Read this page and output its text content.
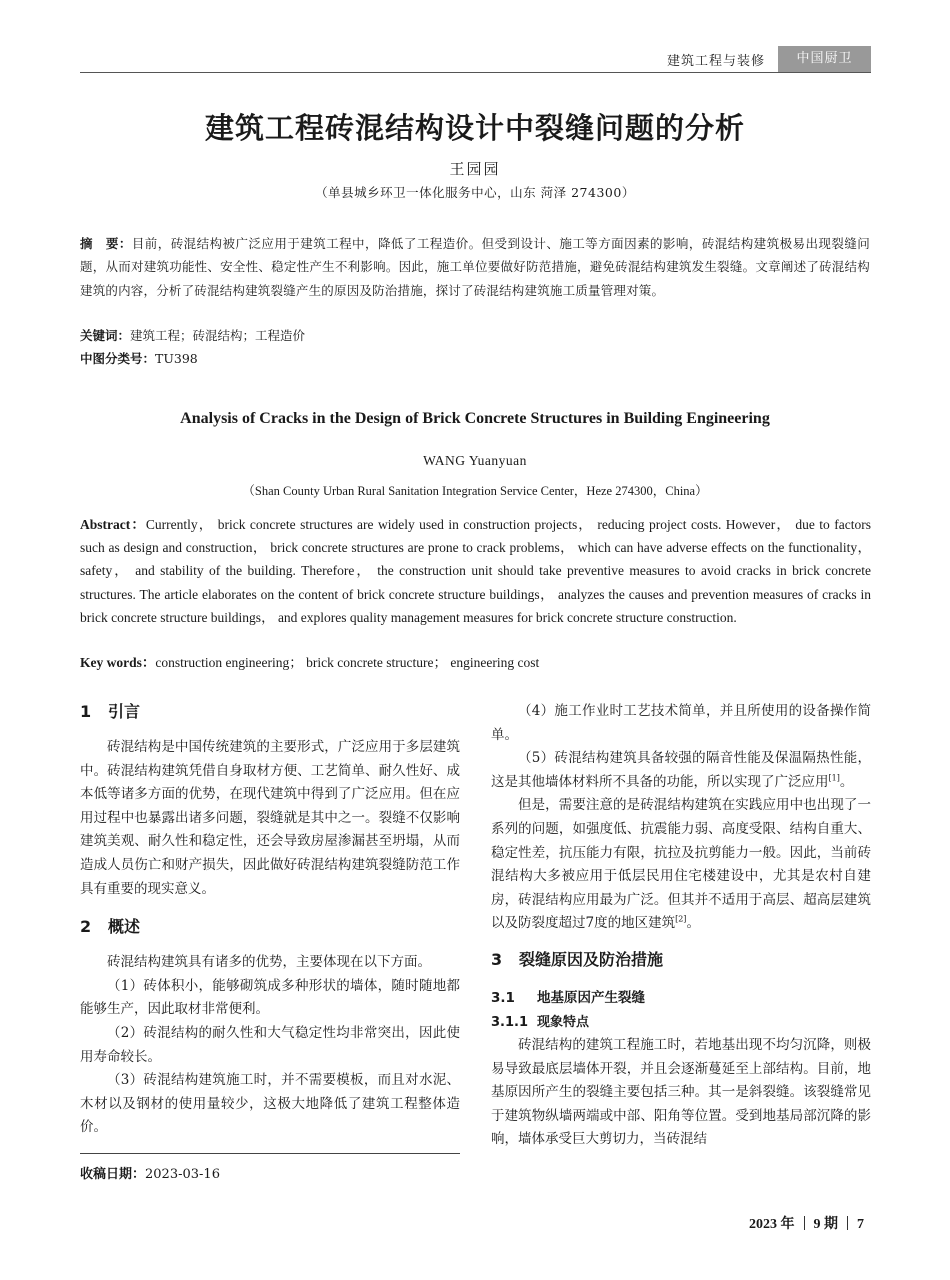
建筑工程与装修	中国厨卫
建筑工程砖混结构设计中裂缝问题的分析
王园园
（单县城乡环卫一体化服务中心，山东 菏泽 274300）
摘　要：目前，砖混结构被广泛应用于建筑工程中，降低了工程造价。但受到设计、施工等方面因素的影响，砖混结构建筑极易出现裂缝问题，从而对建筑功能性、安全性、稳定性产生不利影响。因此，施工单位要做好防范措施，避免砖混结构建筑发生裂缝。文章阐述了砖混结构建筑的内容，分析了砖混结构建筑裂缝产生的原因及防治措施，探讨了砖混结构建筑施工质量管理对策。
关键词：建筑工程；砖混结构；工程造价
中图分类号：TU398
Analysis of Cracks in the Design of Brick Concrete Structures in Building Engineering
WANG Yuanyuan
（Shan County Urban Rural Sanitation Integration Service Center，Heze 274300，China）
Abstract：Currently， brick concrete structures are widely used in construction projects， reducing project costs. However， due to factors such as design and construction， brick concrete structures are prone to crack problems， which can have adverse effects on the functionality， safety， and stability of the building. Therefore， the construction unit should take preventive measures to avoid cracks in brick concrete structures. The article elaborates on the content of brick concrete structure buildings， analyzes the causes and prevention measures of cracks in brick concrete structure buildings， and explores quality management measures for brick concrete structure construction.
Key words：construction engineering； brick concrete structure； engineering cost
1 引言

砖混结构是中国传统建筑的主要形式，广泛应用于多层建筑中。砖混结构建筑凭借自身取材方便、工艺简单、耐久性好、成本低等诸多方面的优势，在现代建筑中得到了广泛应用。但在应用过程中也暴露出诸多问题，裂缝就是其中之一。裂缝不仅影响建筑美观、耐久性和稳定性，还会导致房屋渗漏甚至坍塌，从而造成人员伤亡和财产损失，因此做好砖混结构建筑裂缝防范工作具有重要的现实意义。

2 概述

砖混结构建筑具有诸多的优势，主要体现在以下方面。

（1）砖体积小，能够砌筑成多种形状的墙体，随时随地都能够生产，因此取材非常便利。

（2）砖混结构的耐久性和大气稳定性均非常突出，因此使用寿命较长。

（3）砖混结构建筑施工时，并不需要模板，而且对水泥、木材以及钢材的使用量较少，这极大地降低了建筑工程整体造价。

收稿日期：2023-03-16

（4）施工作业时工艺技术简单，并且所使用的设备操作简单。

（5）砖混结构建筑具备较强的隔音性能及保温隔热性能，这是其他墙体材料所不具备的功能，所以实现了广泛应用[1]。

但是，需要注意的是砖混结构建筑在实践应用中也出现了一系列的问题，如强度低、抗震能力弱、高度受限、结构自重大、稳定性差，抗压能力有限，抗拉及抗剪能力一般。因此，当前砖混结构大多被应用于低层民用住宅楼建设中，尤其是农村自建房，砖混结构应用最为广泛。但其并不适用于高层、超高层建筑以及防裂度超过7度的地区建筑[2]。

3 裂缝原因及防治措施
3.1 地基原因产生裂缝
3.1.1 现象特点

砖混结构的建筑工程施工时，若地基出现不均匀沉降，则极易导致最底层墙体开裂，并且会逐渐蔓延至上部结构。目前，地基原因所产生的裂缝主要包括三种。其一是斜裂缝。该裂缝常见于建筑物纵墙两端或中部、阳角等位置。受到地基局部沉降的影响，墙体承受巨大剪切力，当砖混结

2023 年 9 期 7
